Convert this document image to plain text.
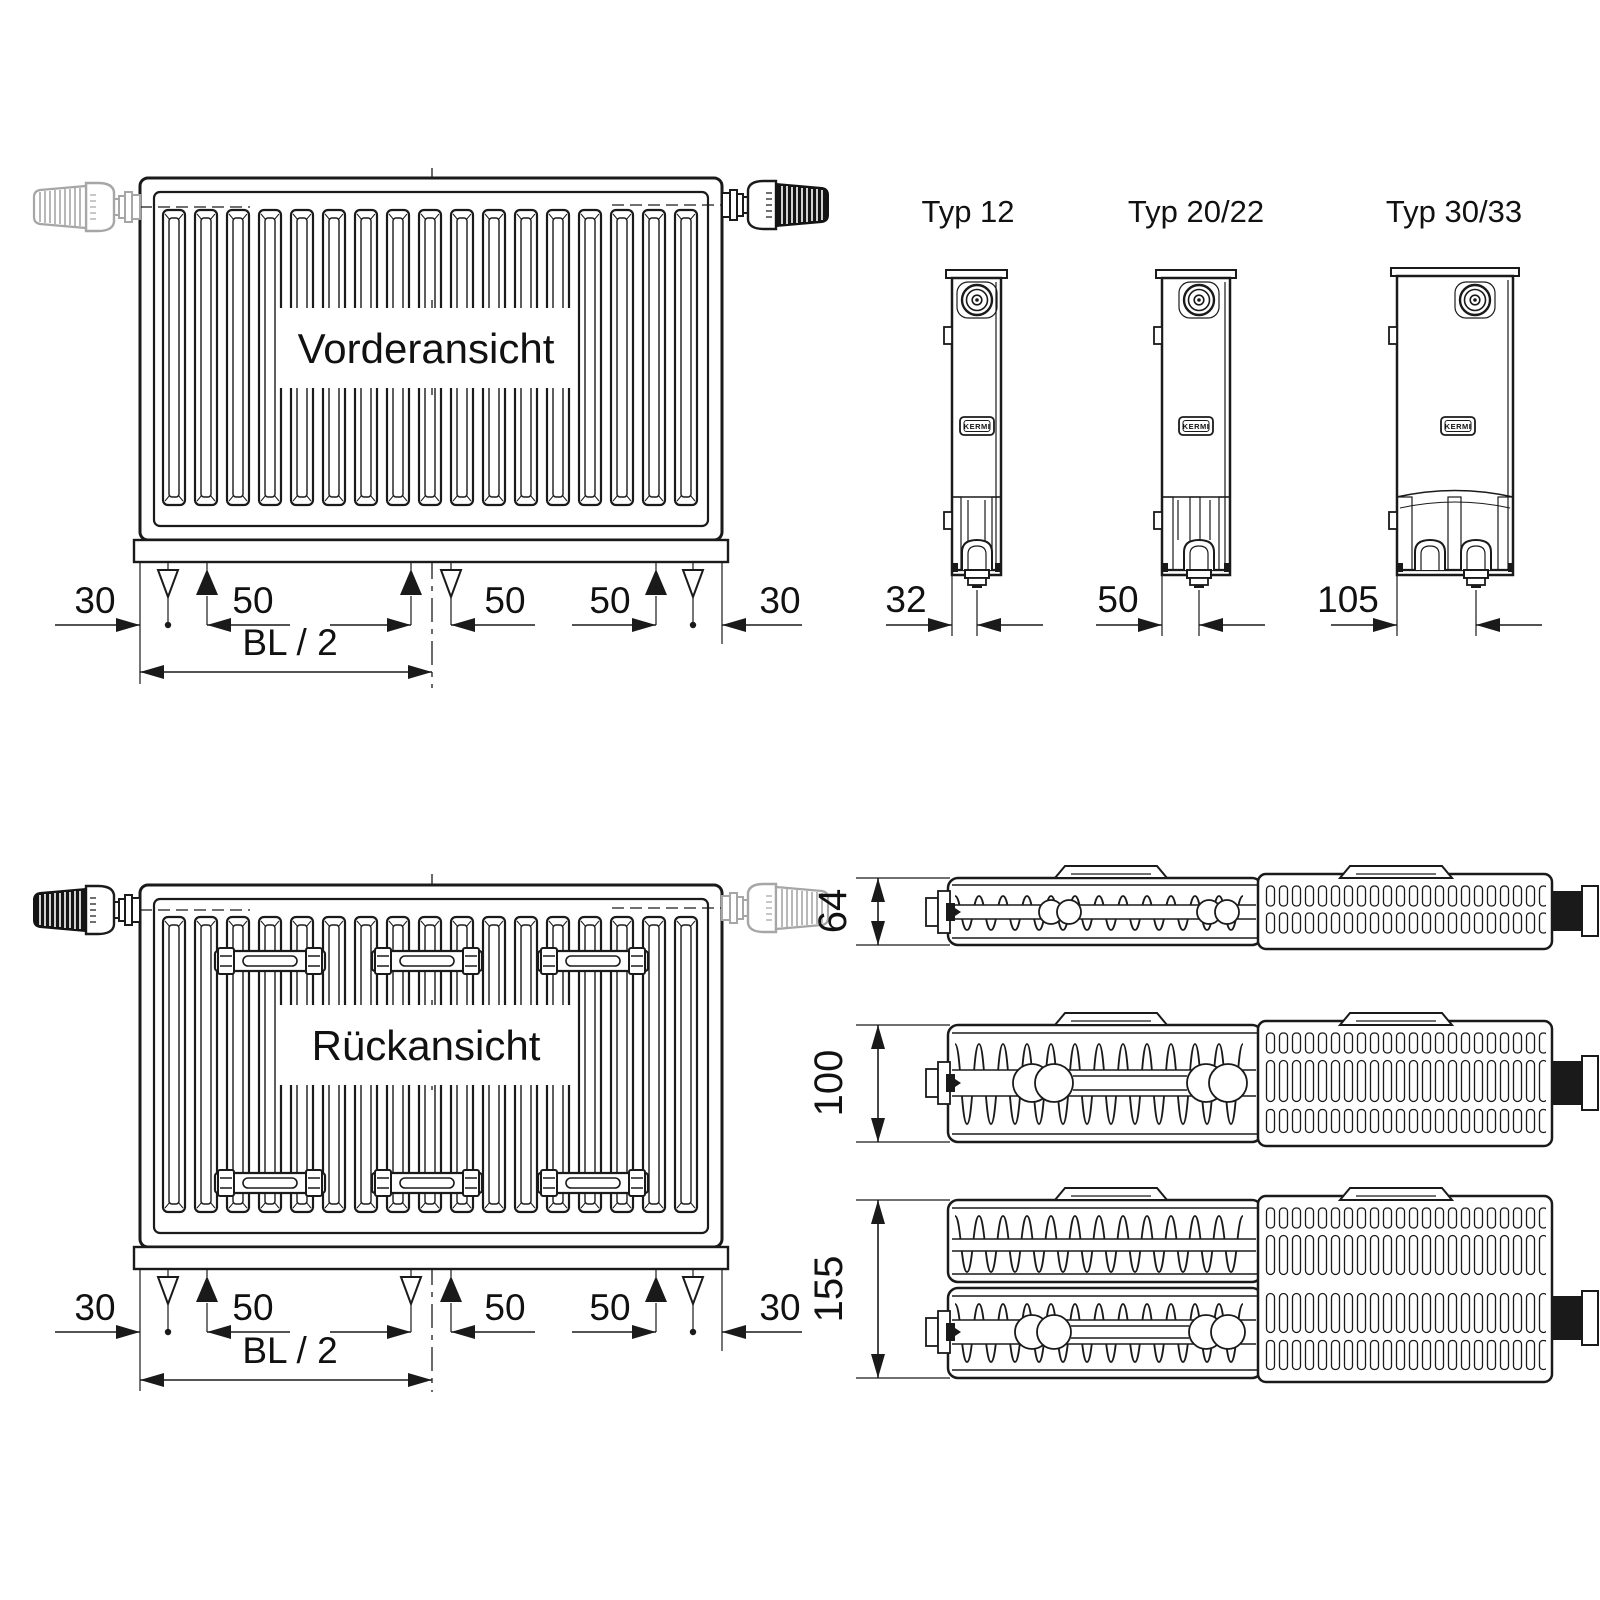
Vorderansicht
30	50	50 50	30
BL / 2
Typ 12
KERMI
32
Typ 20/22
KERMI
50
Typ 30/33
KERMI
105
Rückansicht
30	50	50 50	30
BL / 2
64
100
155
